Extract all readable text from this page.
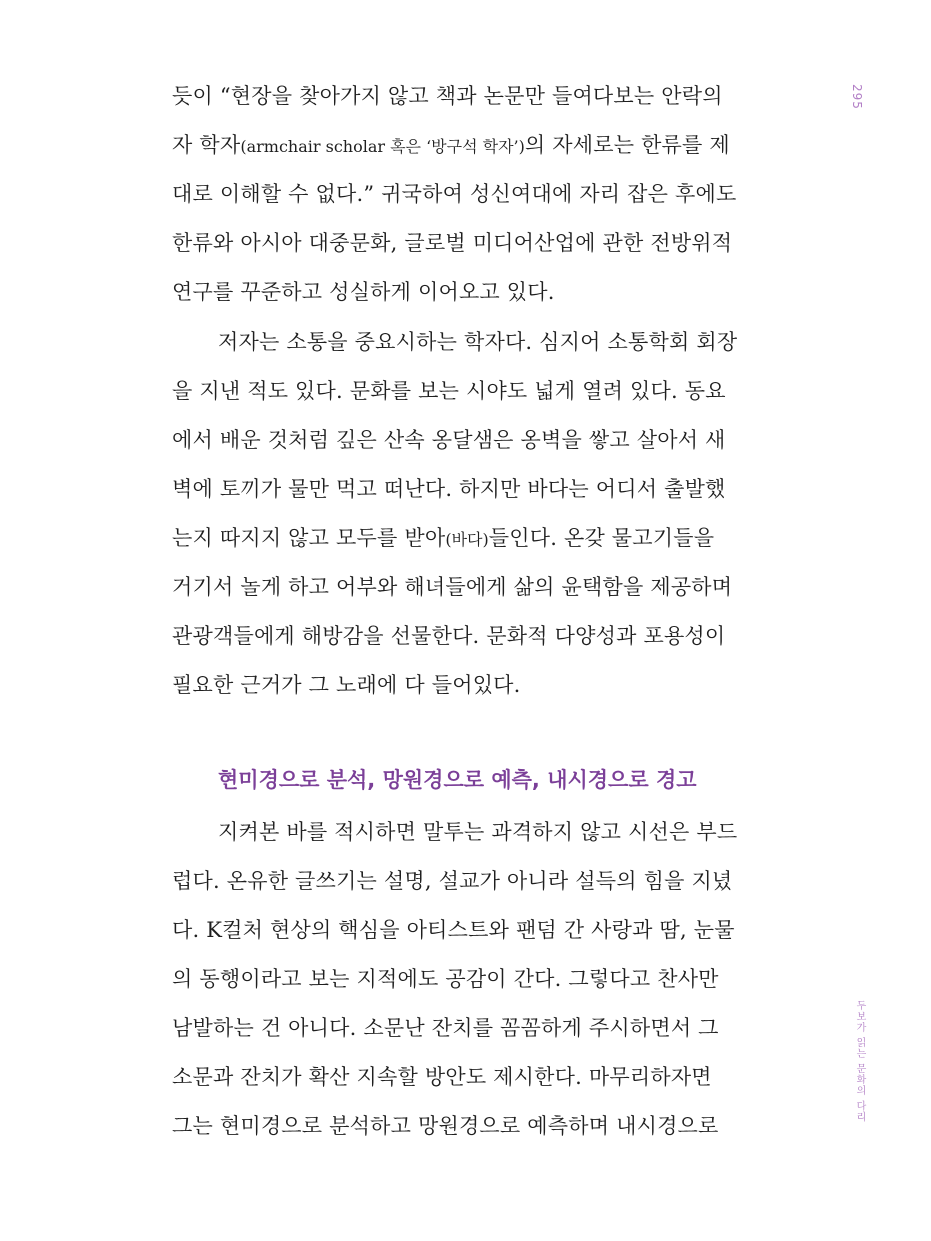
295
두보가 읽는 문화의 다리
듯이 “현장을 찾아가지 않고 책과 논문만 들여다보는 안락의
자 학자(armchair scholar 혹은 ‘방구석 학자’)의 자세로는 한류를 제
대로 이해할 수 없다.” 귀국하여 성신여대에 자리 잡은 후에도
한류와 아시아 대중문화, 글로벌 미디어산업에 관한 전방위적
연구를 꾸준하고 성실하게 이어오고 있다.
저자는 소통을 중요시하는 학자다. 심지어 소통학회 회장
을 지낸 적도 있다. 문화를 보는 시야도 넓게 열려 있다. 동요
에서 배운 것처럼 깊은 산속 옹달샘은 옹벽을 쌓고 살아서 새
벽에 토끼가 물만 먹고 떠난다. 하지만 바다는 어디서 출발했
는지 따지지 않고 모두를 받아(바다)들인다. 온갖 물고기들을
거기서 놀게 하고 어부와 해녀들에게 삶의 윤택함을 제공하며
관광객들에게 해방감을 선물한다. 문화적 다양성과 포용성이
필요한 근거가 그 노래에 다 들어있다.
현미경으로 분석, 망원경으로 예측, 내시경으로 경고
지켜본 바를 적시하면 말투는 과격하지 않고 시선은 부드
럽다. 온유한 글쓰기는 설명, 설교가 아니라 설득의 힘을 지녔
다. K컬처 현상의 핵심을 아티스트와 팬덤 간 사랑과 땀, 눈물
의 동행이라고 보는 지적에도 공감이 간다. 그렇다고 찬사만
남발하는 건 아니다. 소문난 잔치를 꼼꼼하게 주시하면서 그
소문과 잔치가 확산 지속할 방안도 제시한다. 마무리하자면
그는 현미경으로 분석하고 망원경으로 예측하며 내시경으로
